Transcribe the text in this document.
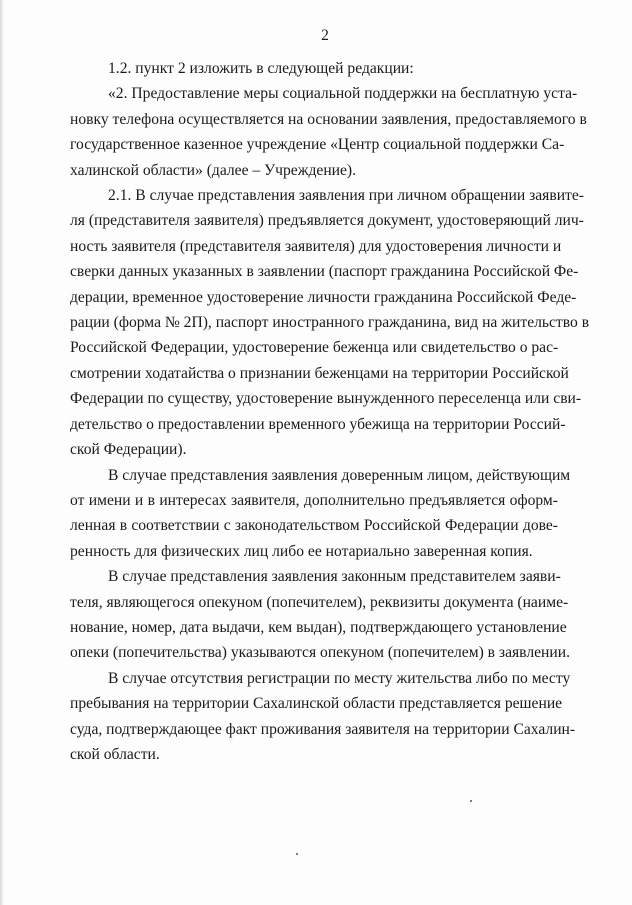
2

1.2. пункт 2 изложить в следующей редакции:

«2. Предоставление меры социальной поддержки на бесплатную уста-
новку телефона осуществляется на основании заявления, предоставляемого в
государственное казенное учреждение «Центр социальной поддержки Са-
халинской области» (далее – Учреждение).

2.1. В случае представления заявления при личном обращении заявите-
ля (представителя заявителя) предъявляется документ, удостоверяющий лич-
ность заявителя (представителя заявителя) для удостоверения личности и
сверки данных указанных в заявлении (паспорт гражданина Российской Фе-
дерации, временное удостоверение личности гражданина Российской Феде-
рации (форма № 2П), паспорт иностранного гражданина, вид на жительство в
Российской Федерации, удостоверение беженца или свидетельство о рас-
смотрении ходатайства о признании беженцами на территории Российской
Федерации по существу, удостоверение вынужденного переселенца или сви-
детельство о предоставлении временного убежища на территории Россий-
ской Федерации).

В случае представления заявления доверенным лицом, действующим
от имени и в интересах заявителя, дополнительно предъявляется оформ-
ленная в соответствии с законодательством Российской Федерации дове-
ренность для физических лиц либо ее нотариально заверенная копия.

В случае представления заявления законным представителем заяви-
теля, являющегося опекуном (попечителем), реквизиты документа (наиме-
нование, номер, дата выдачи, кем выдан), подтверждающего установление
опеки (попечительства) указываются опекуном (попечителем) в заявлении.

В случае отсутствия регистрации по месту жительства либо по месту
пребывания на территории Сахалинской области представляется решение
суда, подтверждающее факт проживания заявителя на территории Сахалин-
ской области.
